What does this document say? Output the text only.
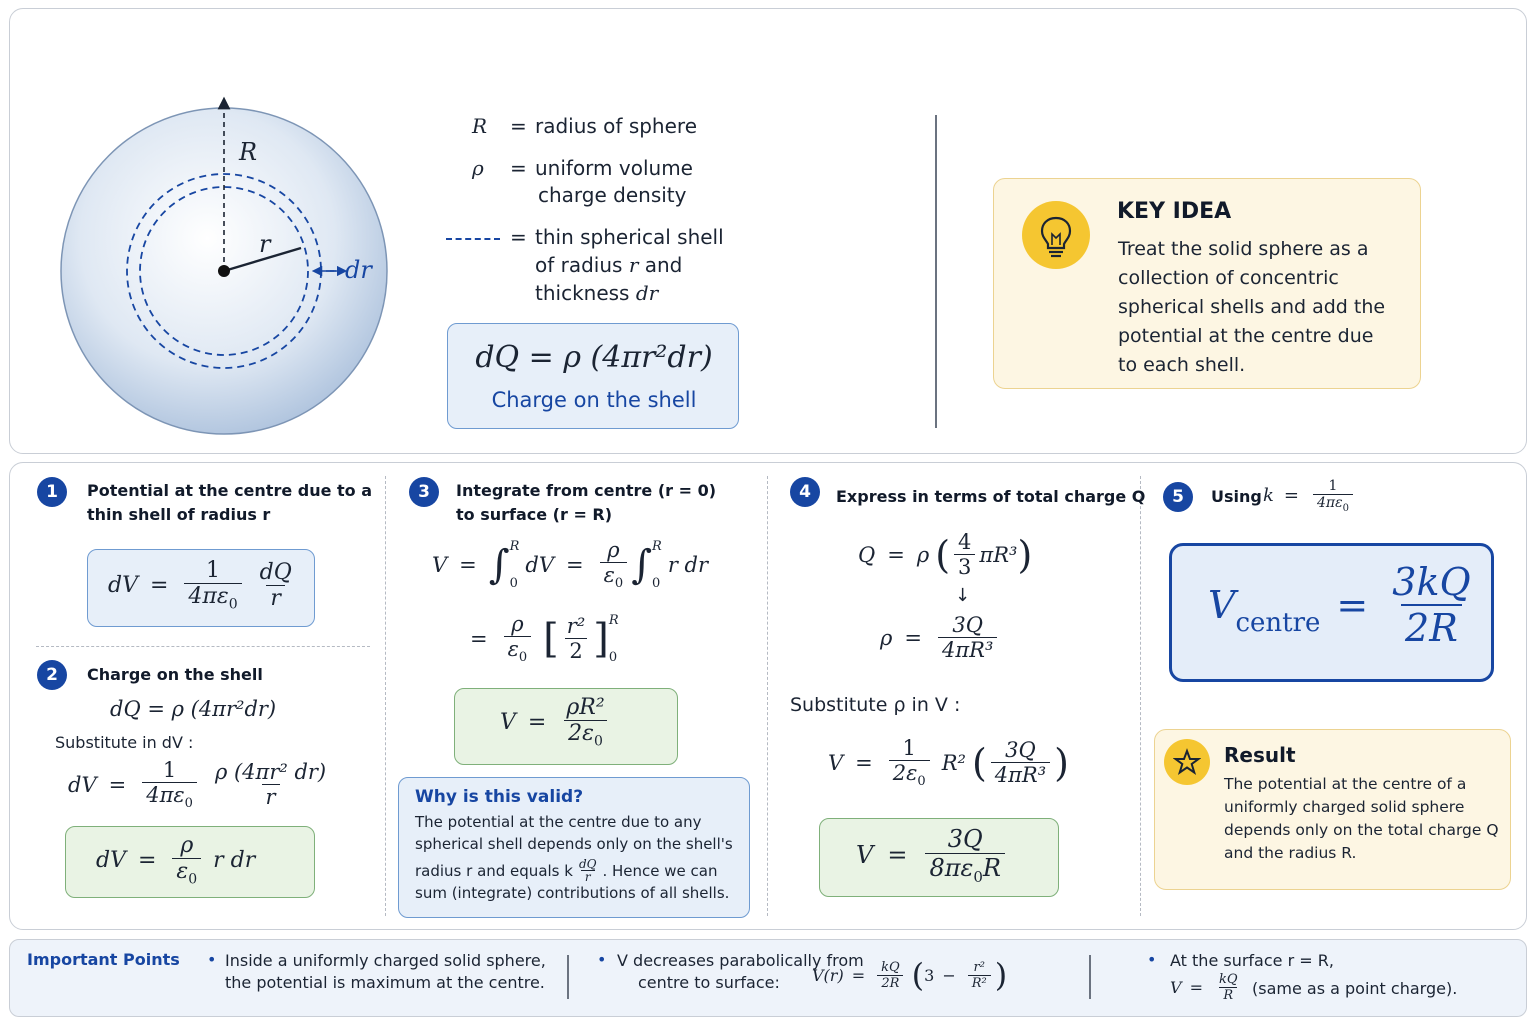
R
r
dr
R = radius of sphere
ρ = uniform volume
charge density
= thin spherical shell
of radius r and
thickness dr
dQ = ρ (4πr²dr)
Charge on the shell
KEY IDEA
Treat the solid sphere as a collection of concentric spherical shells and add the potential at the centre due to each shell.
1	Potential at the centre due to a
thin shell of radius r
dV = $\frac{1}{4\pi\varepsilon_0} \frac{dQ}{r}$
2	Charge on the shell
dQ = ρ (4πr²dr)
Substitute in dV :
dV = $\frac{1}{4\pi\varepsilon_0} \frac{\text{ρ (4πr² dr)}}{r}$
dV = $\frac{\rho}{\varepsilon_0}$ r dr
3	Integrate from centre (r = 0)
to surface (r = R)
V = ∫ R
0
dV = $\frac{\rho}{\varepsilon_0}$ ∫ R
0
r dr
= $\frac{\rho}{\varepsilon_0}$ [ $\frac{\text{r²}}{2}$ ] R
0
$V = \frac{\text{ρR²}}{2\varepsilon_0}$
Why is this valid?
The potential at the centre due to any
spherical shell depends only on the shell's
radius r and equals k $\frac{dQ}{r}$ . Hence we can
sum (integrate) contributions of all shells.
4	Express in terms of total charge Q
Q = ρ ( $\frac{4}{3} \pi R^3$ )
↓
$\rho = \frac{3Q}{\text{4πR³}}$
Substitute ρ in V :
$V = \frac{1}{2\varepsilon_0} R^2$ ( $\frac{3Q}{\text{4πR³}}$ )
$V = \frac{3Q}{8\pi\varepsilon_0R}$
5	Using $k = \frac{1}{4\pi\varepsilon_0}$
V centre = $\frac{3kQ}{2R}$
Result
The potential at the centre of a uniformly charged solid sphere depends only on the total charge Q and the radius R.
Important Points • Inside a uniformly charged solid sphere,
the potential is maximum at the centre.
• V decreases parabolically from
centre to surface: $V(r) = \frac{kQ}{2R}$ ( $3 - \frac{\text{r²}}{\text{R²}}$ )	• At the surface r = R,
$V = \frac{kQ}{R}$ (same as a point charge).
